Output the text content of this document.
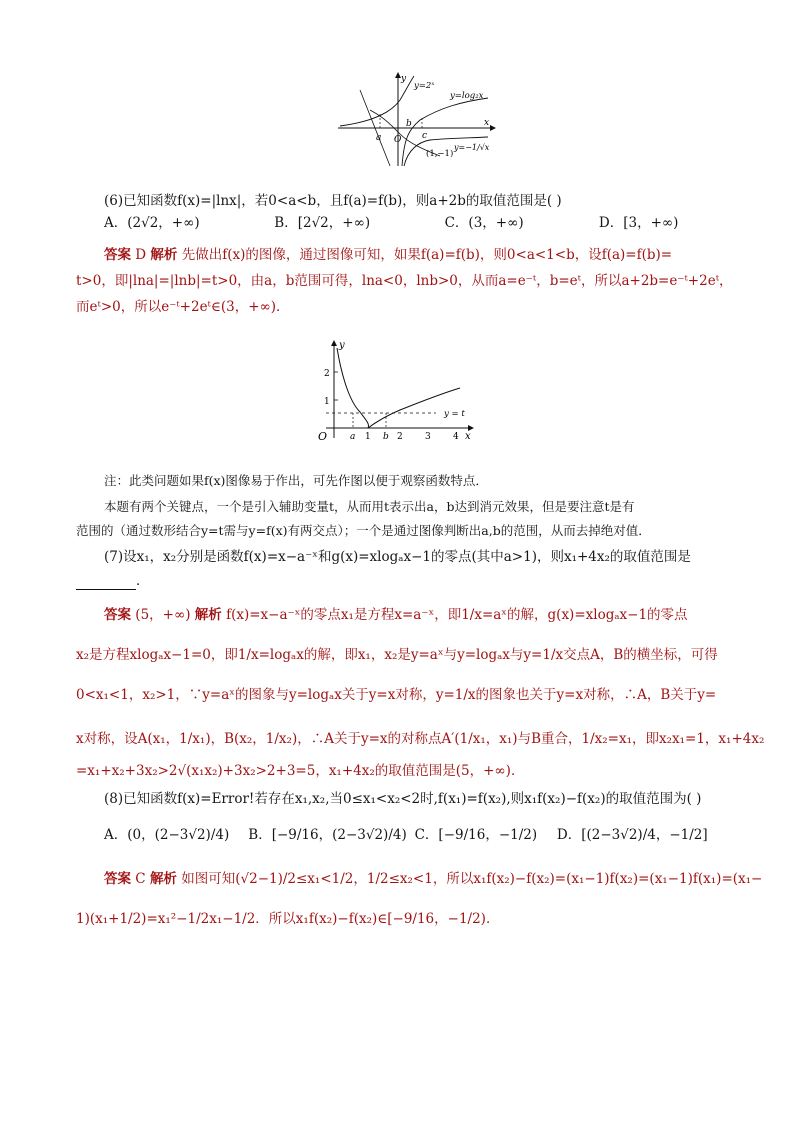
y
x
y=2ˣ
y=log₂x
y=−1/√x
a
b
c
O
(1,−1)
(6)已知函数f(x)=|lnx|，若0<a<b，且f(a)=f(b)，则a+2b的取值范围是( )
A．(2√2，+∞)	B．[2√2，+∞)	C．(3，+∞)	D．[3，+∞)
答案 D 解析 先做出f(x)的图像，通过图像可知，如果f(a)=f(b)，则0<a<1<b，设f(a)=f(b)=
t>0，即|lna|=|lnb|=t>0，由a，b范围可得，lna<0，lnb>0，从而a=e⁻ᵗ，b=eᵗ，所以a+2b=e⁻ᵗ+2eᵗ，
而eᵗ>0，所以e⁻ᵗ+2eᵗ∈(3，+∞)．
y
x
O
1
2
a 1 b 2 3 4
y = t
注：此类问题如果f(x)图像易于作出，可先作图以便于观察函数特点．
本题有两个关键点，一个是引入辅助变量t，从而用t表示出a，b达到消元效果，但是要注意t是有
范围的（通过数形结合y=t需与y=f(x)有两交点）；一个是通过图像判断出a,b的范围，从而去掉绝对值．
(7)设x₁，x₂分别是函数f(x)=x−a⁻ˣ和g(x)=xlogₐx−1的零点(其中a>1)，则x₁+4x₂的取值范围是
．
答案 (5，+∞) 解析 f(x)=x−a⁻ˣ的零点x₁是方程x=a⁻ˣ，即1/x=aˣ的解，g(x)=xlogₐx−1的零点
x₂是方程xlogₐx−1=0，即1/x=logₐx的解，即x₁，x₂是y=aˣ与y=logₐx与y=1/x交点A，B的横坐标，可得
0<x₁<1，x₂>1，∵y=aˣ的图象与y=logₐx关于y=x对称，y=1/x的图象也关于y=x对称，∴A，B关于y=
x对称，设A(x₁，1/x₁)，B(x₂，1/x₂)，∴A关于y=x的对称点A′(1/x₁，x₁)与B重合，1/x₂=x₁，即x₂x₁=1，x₁+4x₂
=x₁+x₂+3x₂>2√(x₁x₂)+3x₂>2+3=5，x₁+4x₂的取值范围是(5，+∞)．
(8)已知函数f(x)=Error!若存在x₁,x₂,当0≤x₁<x₂<2时,f(x₁)=f(x₂),则x₁f(x₂)−f(x₂)的取值范围为( )
A．(0，(2−3√2)/4) B．[−9/16，(2−3√2)/4) C．[−9/16，−1/2) D．[(2−3√2)/4，−1/2]
答案 C 解析 如图可知(√2−1)/2≤x₁<1/2，1/2≤x₂<1，所以x₁f(x₂)−f(x₂)=(x₁−1)f(x₂)=(x₁−1)f(x₁)=(x₁−
1)(x₁+1/2)=x₁²−1/2x₁−1/2．所以x₁f(x₂)−f(x₂)∈[−9/16，−1/2)．
